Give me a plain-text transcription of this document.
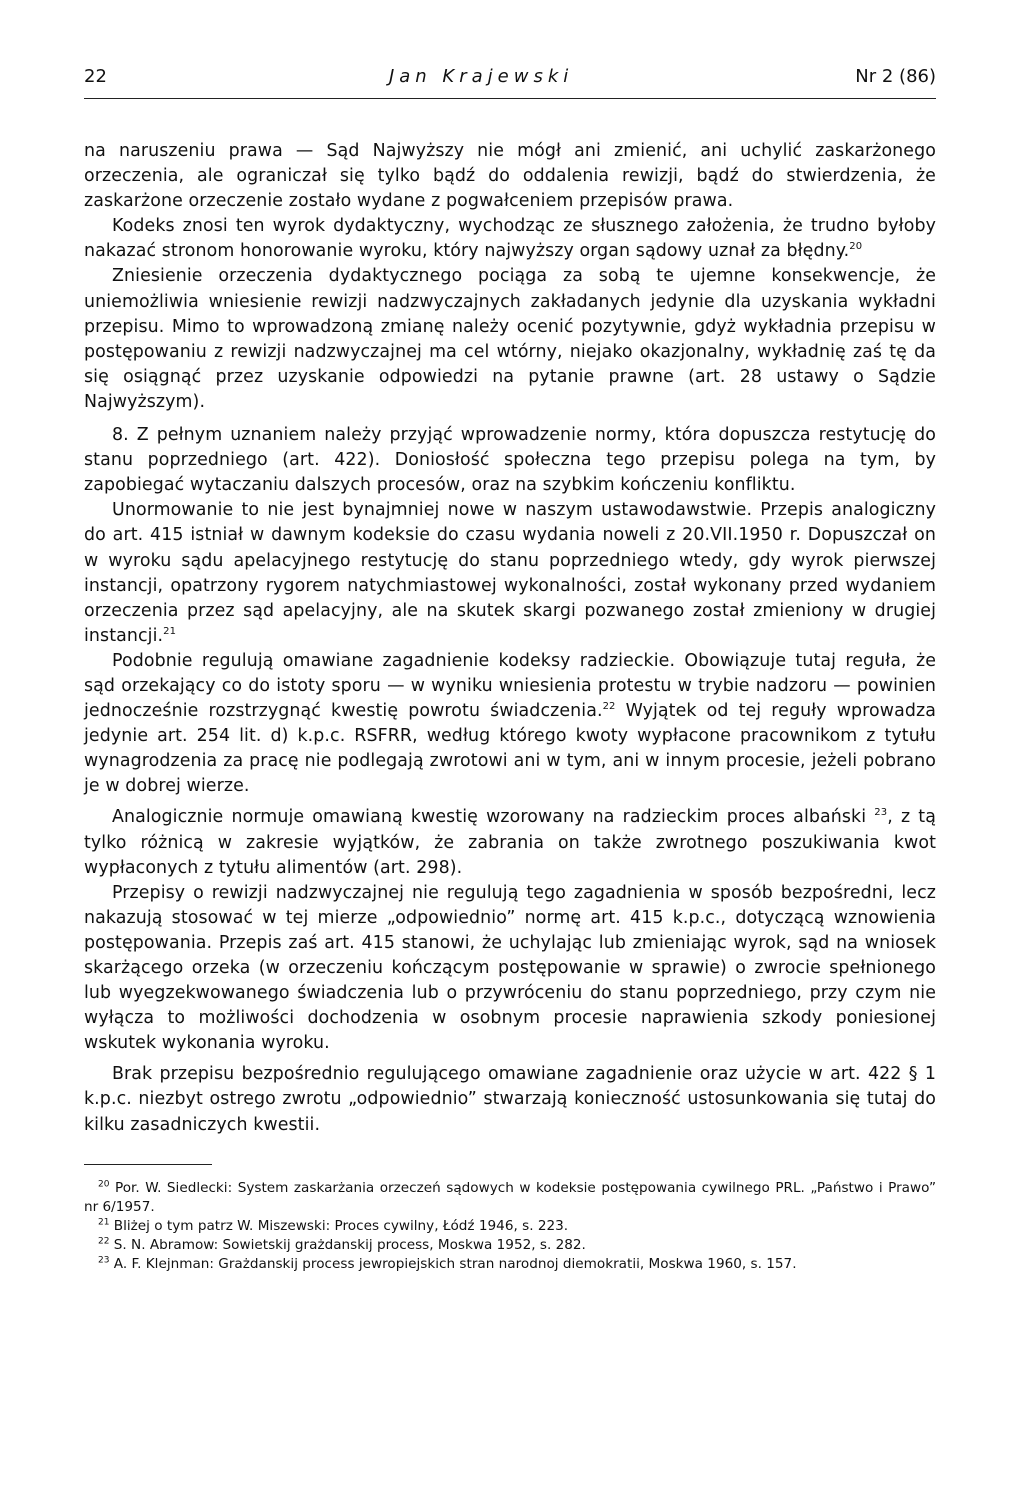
22	Jan Krajewski	Nr 2 (86)

na naruszeniu prawa — Sąd Najwyższy nie mógł ani zmienić, ani uchylić zaskarżonego orzeczenia, ale ograniczał się tylko bądź do oddalenia rewizji, bądź do stwierdzenia, że zaskarżone orzeczenie zostało wydane z pogwałceniem przepisów prawa.

Kodeks znosi ten wyrok dydaktyczny, wychodząc ze słusznego założenia, że trudno byłoby nakazać stronom honorowanie wyroku, który najwyższy organ sądowy uznał za błędny.$^{20}$

Zniesienie orzeczenia dydaktycznego pociąga za sobą te ujemne konsekwencje, że uniemożliwia wniesienie rewizji nadzwyczajnych zakładanych jedynie dla uzyskania wykładni przepisu. Mimo to wprowadzoną zmianę należy ocenić pozytywnie, gdyż wykładnia przepisu w postępowaniu z rewizji nadzwyczajnej ma cel wtórny, niejako okazjonalny, wykładnię zaś tę da się osiągnąć przez uzyskanie odpowiedzi na pytanie prawne (art. 28 ustawy o Sądzie Najwyższym).

8. Z pełnym uznaniem należy przyjąć wprowadzenie normy, która dopuszcza restytucję do stanu poprzedniego (art. 422). Doniosłość społeczna tego przepisu polega na tym, by zapobiegać wytaczaniu dalszych procesów, oraz na szybkim kończeniu konfliktu.

Unormowanie to nie jest bynajmniej nowe w naszym ustawodawstwie. Przepis analogiczny do art. 415 istniał w dawnym kodeksie do czasu wydania noweli z 20.VII.1950 r. Dopuszczał on w wyroku sądu apelacyjnego restytucję do stanu poprzedniego wtedy, gdy wyrok pierwszej instancji, opatrzony rygorem natychmiastowej wykonalności, został wykonany przed wydaniem orzeczenia przez sąd apelacyjny, ale na skutek skargi pozwanego został zmieniony w drugiej instancji.$^{21}$

Podobnie regulują omawiane zagadnienie kodeksy radzieckie. Obowiązuje tutaj reguła, że sąd orzekający co do istoty sporu — w wyniku wniesienia protestu w trybie nadzoru — powinien jednocześnie rozstrzygnąć kwestię powrotu świadczenia.$^{22}$ Wyjątek od tej reguły wprowadza jedynie art. 254 lit. d) k.p.c. RSFRR, według którego kwoty wypłacone pracownikom z tytułu wynagrodzenia za pracę nie podlegają zwrotowi ani w tym, ani w innym procesie, jeżeli pobrano je w dobrej wierze.

Analogicznie normuje omawianą kwestię wzorowany na radzieckim proces albański $^{23}$, z tą tylko różnicą w zakresie wyjątków, że zabrania on także zwrotnego poszukiwania kwot wypłaconych z tytułu alimentów (art. 298).

Przepisy o rewizji nadzwyczajnej nie regulują tego zagadnienia w sposób bezpośredni, lecz nakazują stosować w tej mierze „odpowiednio” normę art. 415 k.p.c., dotyczącą wznowienia postępowania. Przepis zaś art. 415 stanowi, że uchylając lub zmieniając wyrok, sąd na wniosek skarżącego orzeka (w orzeczeniu kończącym postępowanie w sprawie) o zwrocie spełnionego lub wyegzekwowanego świadczenia lub o przywróceniu do stanu poprzedniego, przy czym nie wyłącza to możliwości dochodzenia w osobnym procesie naprawienia szkody poniesionej wskutek wykonania wyroku.

Brak przepisu bezpośrednio regulującego omawiane zagadnienie oraz użycie w art. 422 § 1 k.p.c. niezbyt ostrego zwrotu „odpowiednio” stwarzają konieczność ustosunkowania się tutaj do kilku zasadniczych kwestii.

$^{20}$ Por. W. Siedlecki: System zaskarżania orzeczeń sądowych w kodeksie postępowania cywilnego PRL. „Państwo i Prawo” nr 6/1957.

$^{21}$ Bliżej o tym patrz W. Miszewski: Proces cywilny, Łódź 1946, s. 223.

$^{22}$ S. N. Abramow: Sowietskij grażdanskij process, Moskwa 1952, s. 282.

$^{23}$ A. F. Klejnman: Grażdanskij process jewropiejskich stran narodnoj diemokratii, Moskwa 1960, s. 157.
